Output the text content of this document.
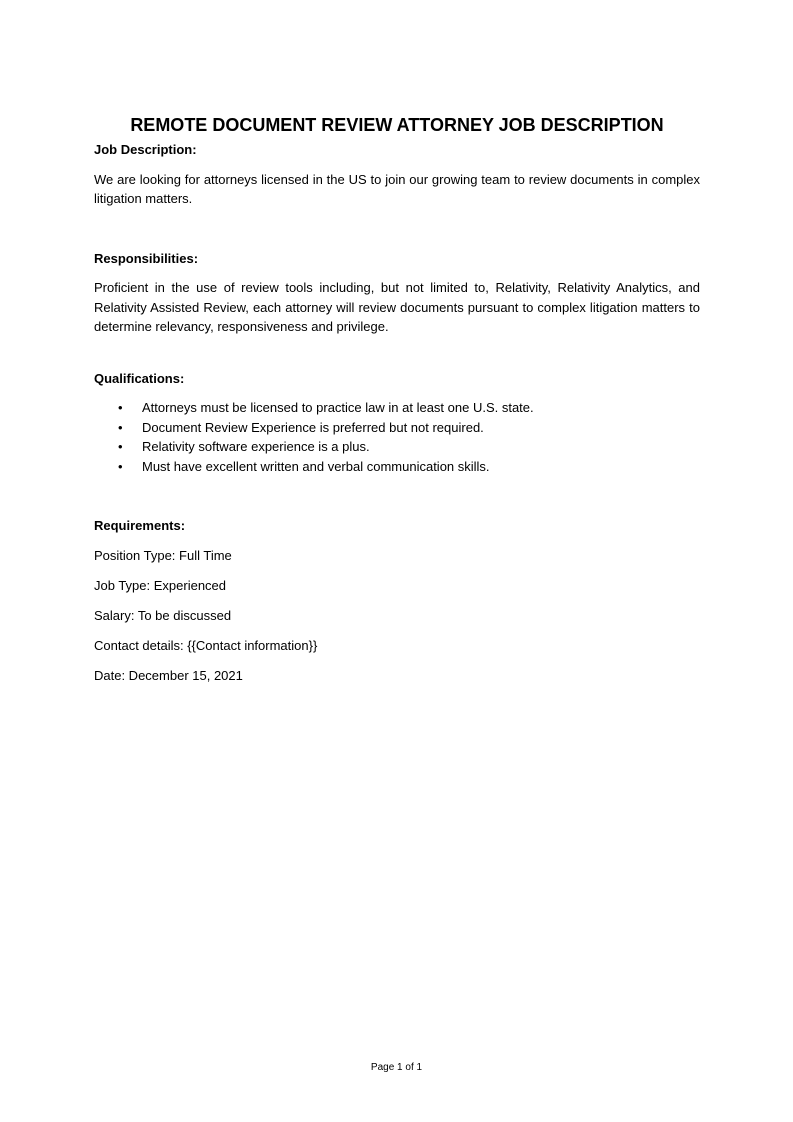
REMOTE DOCUMENT REVIEW ATTORNEY JOB DESCRIPTION

Job Description:

We are looking for attorneys licensed in the US to join our growing team to review documents in complex litigation matters.

Responsibilities:

Proficient in the use of review tools including, but not limited to, Relativity, Relativity Analytics, and Relativity Assisted Review, each attorney will review documents pursuant to complex litigation matters to determine relevancy, responsiveness and privilege.

Qualifications:

• Attorneys must be licensed to practice law in at least one U.S. state.
• Document Review Experience is preferred but not required.
• Relativity software experience is a plus.
• Must have excellent written and verbal communication skills.

Requirements:

Position Type: Full Time

Job Type: Experienced

Salary: To be discussed

Contact details: {{Contact information}}

Date: December 15, 2021

Page 1 of 1
